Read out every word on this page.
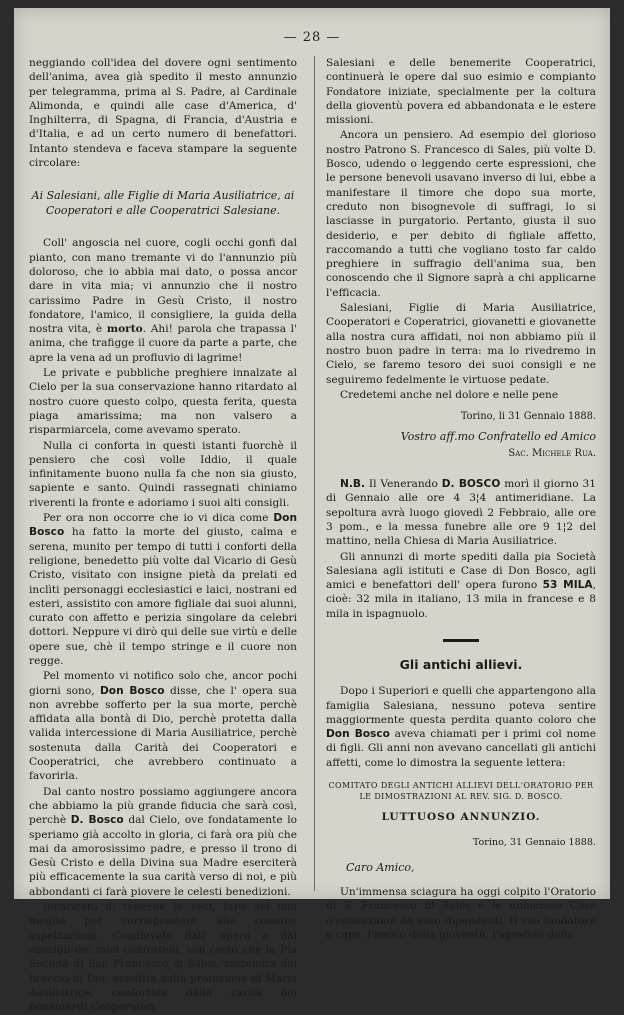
— 28 —

neggiando coll'idea del dovere ogni sentimento dell'anima, avea già spedito il mesto annunzio per telegramma, prima al S. Padre, al Cardinale Alimonda, e quindi alle case d'America, d' Inghilterra, di Spagna, di Francia, d'Austria e d'Italia, e ad un certo numero di benefattori. Intanto stendeva e faceva stampare la seguente circolare:

Ai Salesiani, alle Figlie di Maria Ausiliatrice, ai Cooperatori e alle Cooperatrici Salesiane.

Coll' angoscia nel cuore, cogli occhi gonfi dal pianto, con mano tremante vi do l'annunzio più doloroso, che io abbia mai dato, o possa ancor dare in vita mia; vi annunzio che il nostro carissimo Padre in Gesù Cristo, il nostro fondatore, l'amico, il consigliere, la guida della nostra vita, è morto. Ahi! parola che trapassa l' anima, che trafigge il cuore da parte a parte, che apre la vena ad un profluvio di lagrime!

Le private e pubbliche preghiere innalzate al Cielo per la sua conservazione hanno ritardato al nostro cuore questo colpo, questa ferita, questa piaga amarissima; ma non valsero a risparmiarcela, come avevamo sperato.

Nulla ci conforta in questi istanti fuorchè il pensiero che così volle Iddio, il quale infinitamente buono nulla fa che non sia giusto, sapiente e santo. Quindi rassegnati chiniamo riverenti la fronte e adoriamo i suoi alti consigli.

Per ora non occorre che io vi dica come Don Bosco ha fatto la morte del giusto, calma e serena, munito per tempo di tutti i conforti della religione, benedetto più volte dal Vicario di Gesù Cristo, visitato con insigne pietà da prelati ed inclìti personaggi ecclesiastici e laici, nostrani ed esteri, assistito con amore figliale dai suoi alunni, curato con affetto e perizia singolare da celebri dottori. Neppure vi dirò qui delle sue virtù e delle opere sue, chè il tempo stringe e il cuore non regge.

Pel momento vi notifico solo che, ancor pochi giorni sono, Don Bosco disse, che l' opera sua non avrebbe sofferto per la sua morte, perchè affidata alla bontà di Dio, perchè protetta dalla valida intercessione di Maria Ausiliatrice, perchè sostenuta dalla Carità dei Cooperatori e Cooperatrici, che avrebbero continuato a favorirla.

Dal canto nostro possiamo aggiungere ancora che abbiamo la più grande fiducia che sarà così, perchè D. Bosco dal Cielo, ove fondatamente lo speriamo già accolto in gloria, ci farà ora più che mai da amorosissimo padre, e presso il trono di Gesù Cristo e della Divina sua Madre eserciterà più efficacemente la sua carità verso di noi, e più abbondanti ci farà piovere le celesti benedizioni.

Incaricato di tenerne le veci, farò del mio meglio per corrispondere alla comune aspettazione. Coadiuvato dall' opera e dai consigli dei miei confratelli, son certo che la Pia Società di San Francesco di Sales, sostenuta dal braccio di Dio, assistita dalla protezione di Maria Ausiliatrice, confortata dalla carità dei benemeriti Cooperatori

Salesiani e delle benemerite Cooperatrici, continuerà le opere dal suo esimio e compianto Fondatore iniziate, specialmente per la coltura della gioventù povera ed abbandonata e le estere missioni.

Ancora un pensiero. Ad esempio del glorioso nostro Patrono S. Francesco di Sales, più volte D. Bosco, udendo o leggendo certe espressioni, che le persone benevoli usavano inverso di lui, ebbe a manifestare il timore che dopo sua morte, creduto non bisognevole di suffragi, lo si lasciasse in purgatorio. Pertanto, giusta il suo desiderio, e per debito di figliale affetto, raccomando a tutti che vogliano tosto far caldo preghiere in suffragio dell'anima sua, ben conoscendo che il Signore saprà a chi applicarne l'efficacia.

Salesiani, Figlie di Maria Ausiliatrice, Cooperatori e Coperatrici, giovanetti e giovanette alla nostra cura affidati, noi non abbiamo più il nostro buon padre in terra: ma lo rivedremo in Cielo, se faremo tesoro dei suoi consigli e ne seguiremo fedelmente le virtuose pedate.

Credetemi anche nel dolore e nelle pene

Torino, li 31 Gennaio 1888.

Vostro aff.mo Confratello ed Amico

Sac. Michele Rua.

N.B. Il Venerando D. BOSCO morì il giorno 31 di Gennaio alle ore 4 3¦4 antimeridiane. La sepoltura avrà luogo giovedì 2 Febbraio, alle ore 3 pom., e la messa funebre alle ore 9 1¦2 del mattino, nella Chiesa di Maria Ausiliatrice.

Gli annunzi di morte spediti dalla pia Società Salesiana agli istituti e Case di Don Bosco, agli amici e benefattori dell' opera furono 53 MILA, cioè: 32 mila in italiano, 13 mila in francese e 8 mila in ispagnuolo.

Gli antichi allievi.

Dopo i Superiori e quelli che appartengono alla famiglia Salesiana, nessuno poteva sentire maggiormente questa perdita quanto coloro che Don Bosco aveva chiamati per i primi col nome di figli. Gli anni non avevano cancellati gli antichi affetti, come lo dimostra la seguente lettera:

COMITATO DEGLI ANTICHI ALLIEVI DELL'ORATORIO PER LE DIMOSTRAZIONI AL REV. SIG. D. BOSCO.

LUTTUOSO ANNUNZIO.

Torino, 31 Gennaio 1888.

Caro Amico,

Un'immensa sciagura ha oggi colpito l'Oratorio di S. Francesco di Sales e le numerose Case d'educazione da esso dipendenti. Il suo fondatore e capo, l'amico della gioventù, l'apostolo della
